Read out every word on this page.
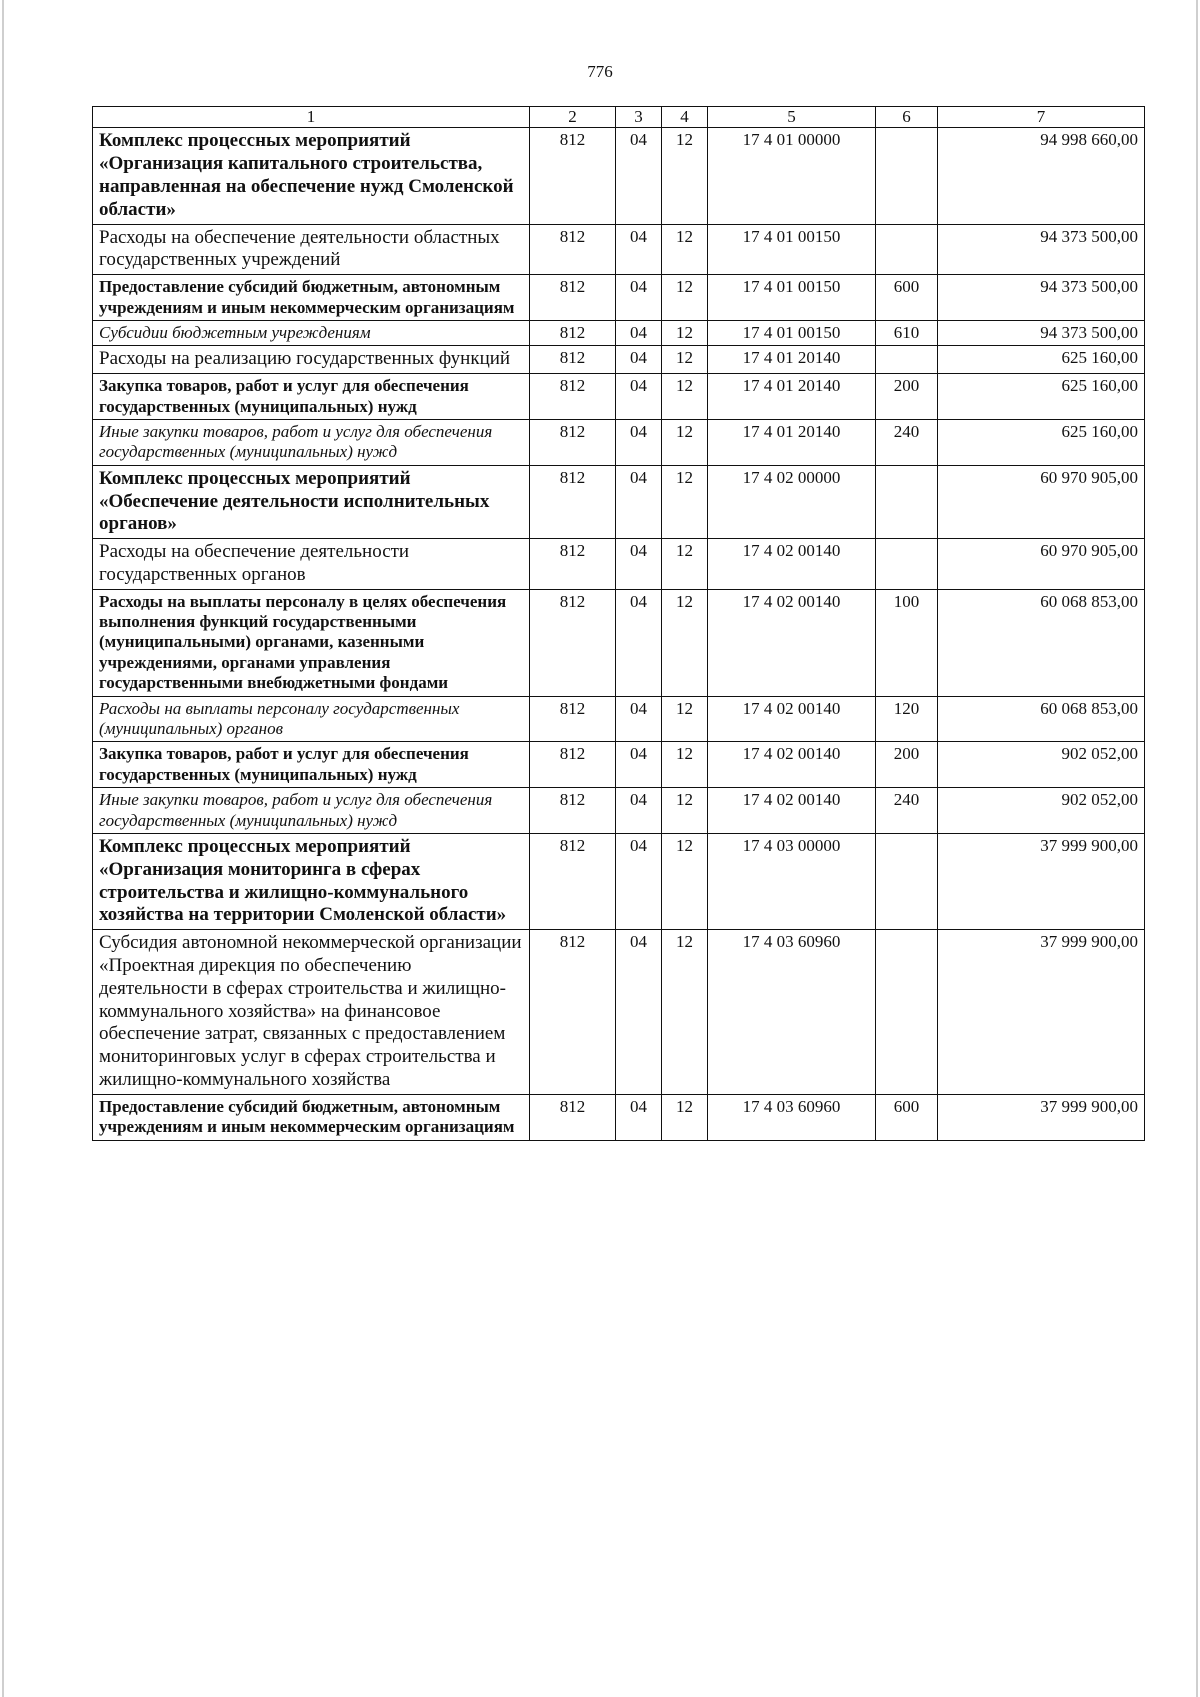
776
1	2	3	4	5	6	7
Комплекс процессных мероприятий «Организация капитального строительства, направленная на обеспечение нужд Смоленской области»	812	04	12	17 4 01 00000		94 998 660,00
Расходы на обеспечение деятельности областных государственных учреждений	812	04	12	17 4 01 00150		94 373 500,00
Предоставление субсидий бюджетным, автономным учреждениям и иным некоммерческим организациям	812	04	12	17 4 01 00150	600	94 373 500,00
Субсидии бюджетным учреждениям	812	04	12	17 4 01 00150	610	94 373 500,00
Расходы на реализацию государственных функций	812	04	12	17 4 01 20140		625 160,00
Закупка товаров, работ и услуг для обеспечения государственных (муниципальных) нужд	812	04	12	17 4 01 20140	200	625 160,00
Иные закупки товаров, работ и услуг для обеспечения государственных (муниципальных) нужд	812	04	12	17 4 01 20140	240	625 160,00
Комплекс процессных мероприятий «Обеспечение деятельности исполнительных органов»	812	04	12	17 4 02 00000		60 970 905,00
Расходы на обеспечение деятельности государственных органов	812	04	12	17 4 02 00140		60 970 905,00
Расходы на выплаты персоналу в целях обеспечения выполнения функций государственными (муниципальными) органами, казенными учреждениями, органами управления государственными внебюджетными фондами	812	04	12	17 4 02 00140	100	60 068 853,00
Расходы на выплаты персоналу государственных (муниципальных) органов	812	04	12	17 4 02 00140	120	60 068 853,00
Закупка товаров, работ и услуг для обеспечения государственных (муниципальных) нужд	812	04	12	17 4 02 00140	200	902 052,00
Иные закупки товаров, работ и услуг для обеспечения государственных (муниципальных) нужд	812	04	12	17 4 02 00140	240	902 052,00
Комплекс процессных мероприятий «Организация мониторинга в сферах строительства и жилищно-коммунального хозяйства на территории Смоленской области»	812	04	12	17 4 03 00000		37 999 900,00
Субсидия автономной некоммерческой организации «Проектная дирекция по обеспечению деятельности в сферах строительства и жилищно-коммунального хозяйства» на финансовое обеспечение затрат, связанных с предоставлением мониторинговых услуг в сферах строительства и жилищно-коммунального хозяйства	812	04	12	17 4 03 60960		37 999 900,00
Предоставление субсидий бюджетным, автономным учреждениям и иным некоммерческим организациям	812	04	12	17 4 03 60960	600	37 999 900,00
